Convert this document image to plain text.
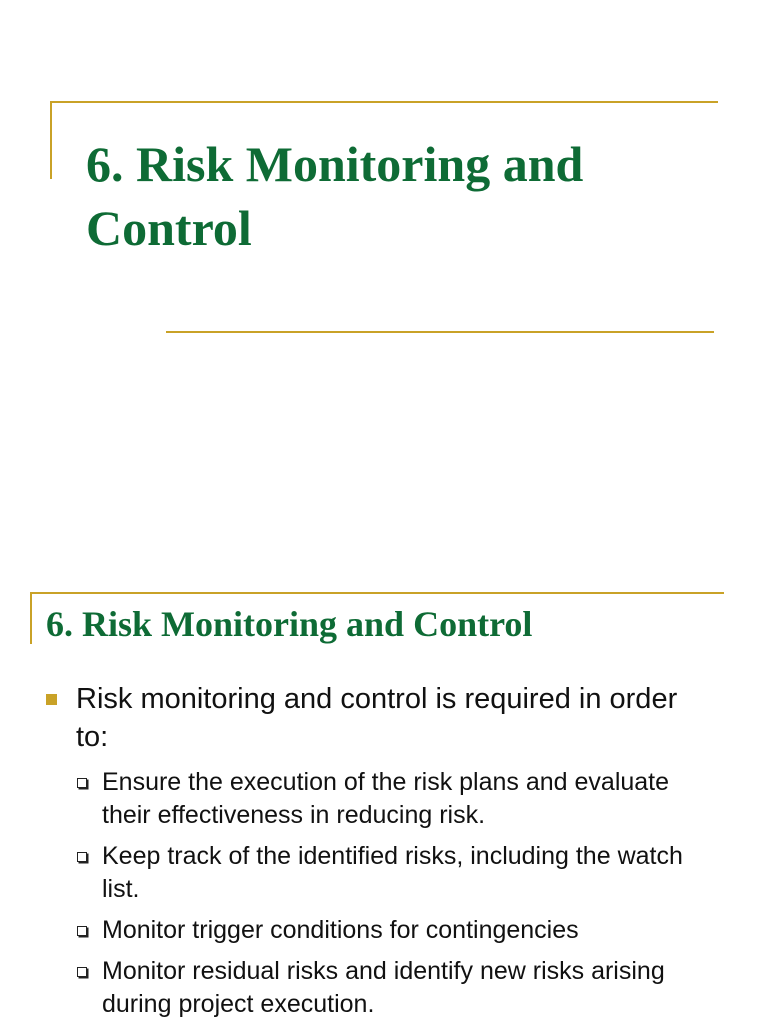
6. Risk Monitoring and Control
6. Risk Monitoring and Control
Risk monitoring and control is required in order to:
Ensure the execution of the risk plans and evaluate their effectiveness in reducing risk.
Keep track of the identified risks, including the watch list.
Monitor trigger conditions for contingencies
Monitor residual risks and identify new risks arising during project execution.
